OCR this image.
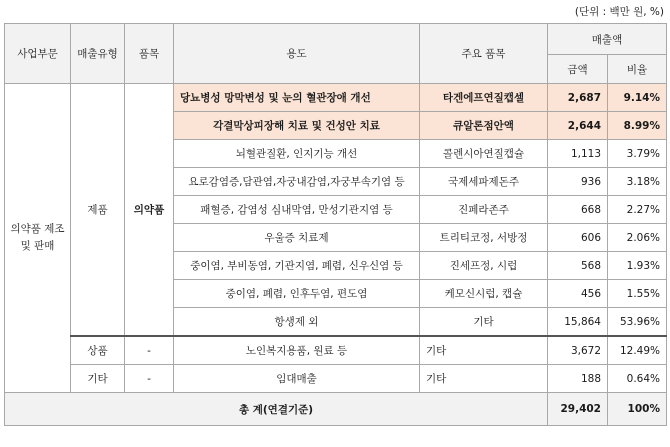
(단위 : 백만 원, %)
사업부문	매출유형	품목	용도	주요 품목	매출액	
					금액	비율
의약품 제조 및 판매	제품	의약품	당뇨병성 망막변성 및 눈의 혈관장애 개선	타겐에프연질캡셀	2,687	9.14%
			각결막상피장해 치료 및 건성안 치료	큐알론점안액	2,644	8.99%
			뇌혈관질환, 인지기능 개선	콜렌시아연질캡슐	1,113	3.79%
			요로감염증,담관염,자궁내감염,자궁부속기염 등	국제세파제돈주	936	3.18%
			패혈증, 감염성 심내막염, 만성기관지염 등	진페라존주	668	2.27%
			우울증 치료제	트리티코정, 서방정	606	2.06%
			중이염, 부비동염, 기관지염, 폐렴, 신우신염 등	진세프정, 시럽	568	1.93%
			중이염, 폐렴, 인후두염, 편도염	케모신시럽, 캡슐	456	1.55%
			항생제 외	기타	15,864	53.96%
	상품	-	노인복지용품, 원료 등	기타	3,672	12.49%
	기타	-	임대매출	기타	188	0.64%
총 계(연결기준)					29,402	100%
